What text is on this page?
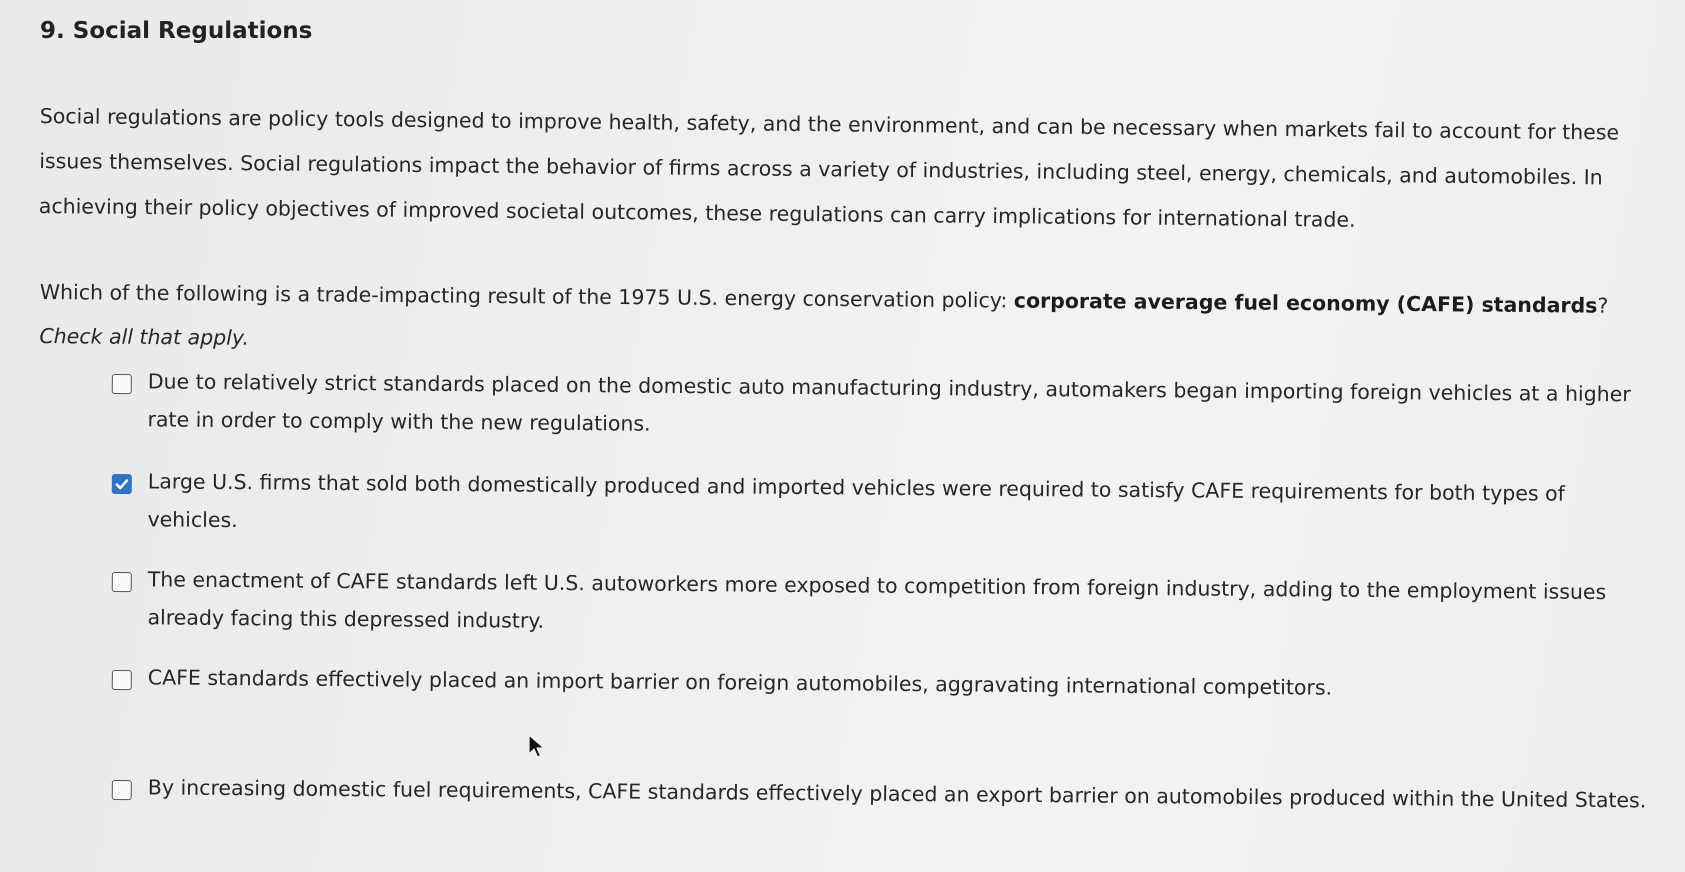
9. Social Regulations
Social regulations are policy tools designed to improve health, safety, and the environment, and can be necessary when markets fail to account for these issues themselves. Social regulations impact the behavior of firms across a variety of industries, including steel, energy, chemicals, and automobiles. In achieving their policy objectives of improved societal outcomes, these regulations can carry implications for international trade.
Which of the following is a trade-impacting result of the 1975 U.S. energy conservation policy: corporate average fuel economy (CAFE) standards? Check all that apply.
Due to relatively strict standards placed on the domestic auto manufacturing industry, automakers began importing foreign vehicles at a higher rate in order to comply with the new regulations.
Large U.S. firms that sold both domestically produced and imported vehicles were required to satisfy CAFE requirements for both types of vehicles.
The enactment of CAFE standards left U.S. autoworkers more exposed to competition from foreign industry, adding to the employment issues already facing this depressed industry.
CAFE standards effectively placed an import barrier on foreign automobiles, aggravating international competitors.
By increasing domestic fuel requirements, CAFE standards effectively placed an export barrier on automobiles produced within the United States.
